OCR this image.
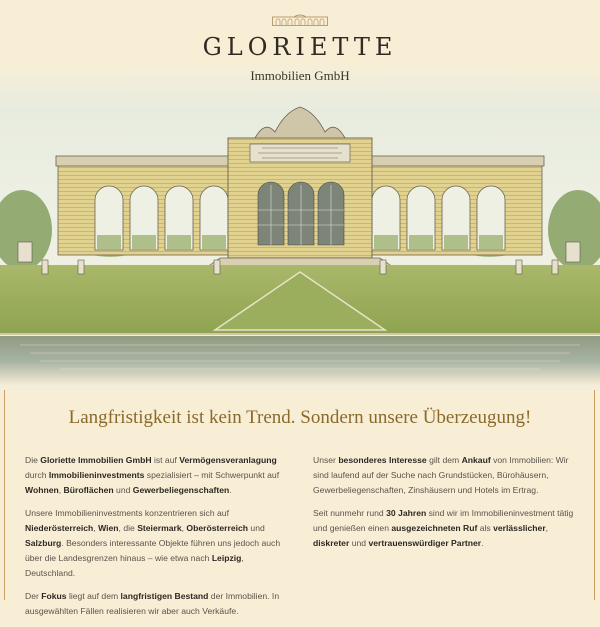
GLORIETTE
Immobilien GmbH
Langfristigkeit ist kein Trend. Sondern unsere Überzeugung!

Die Gloriette Immobilien GmbH ist auf Vermögensveranlagung durch Immobilieninvestments spezialisiert – mit Schwerpunkt auf Wohnen, Büroflächen und Gewerbeliegenschaften.

Unsere Immobilieninvestments konzentrieren sich auf Niederösterreich, Wien, die Steiermark, Oberösterreich und Salzburg. Besonders interessante Objekte führen uns jedoch auch über die Landesgrenzen hinaus – wie etwa nach Leipzig, Deutschland.

Der Fokus liegt auf dem langfristigen Bestand der Immobilien. In ausgewählten Fällen realisieren wir aber auch Verkäufe.

Unser besonderes Interesse gilt dem Ankauf von Immobilien: Wir sind laufend auf der Suche nach Grundstücken, Bürohäusern, Gewerbeliegenschaften, Zinshäusern und Hotels im Ertrag.

Seit nunmehr rund 30 Jahren sind wir im Immobilieninvestment tätig und genießen einen ausgezeichneten Ruf als verlässlicher, diskreter und vertrauenswürdiger Partner.
